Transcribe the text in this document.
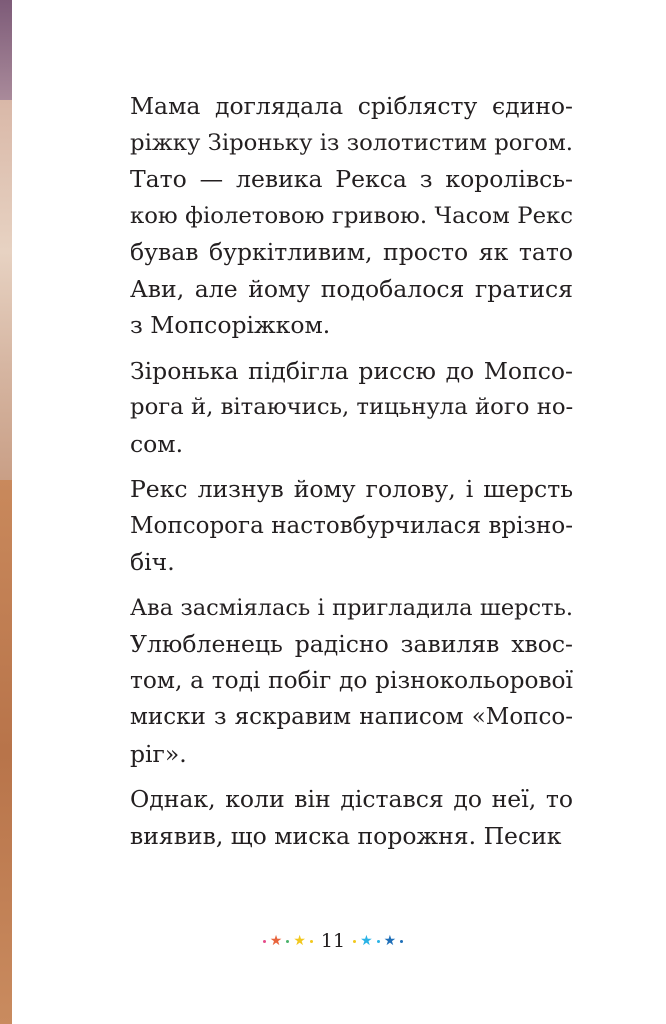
Мама доглядала сріблясту єдино-
ріжку Зіроньку із золотистим рогом.
Тато — левика Рекса з королівсь-
кою фіолетовою гривою. Часом Рекс
бував буркітливим, просто як тато
Ави, але йому подобалося гратися
з Мопсоріжком.

Зіронька підбігла риссю до Мопсо-
рога й, вітаючись, тицьнула його но-
сом.

Рекс лизнув йому голову, і шерсть
Мопсорога настовбурчилася врізно-
біч.

Ава засміялась і пригладила шерсть.
Улюбленець радісно завиляв хвос-
том, а тоді побіг до різнокольорової
миски з яскравим написом «Мопсо-
ріг».

Однак, коли він дістався до неї, то
виявив, що миска порожня. Песик

★ ★ 11 ★ ★
